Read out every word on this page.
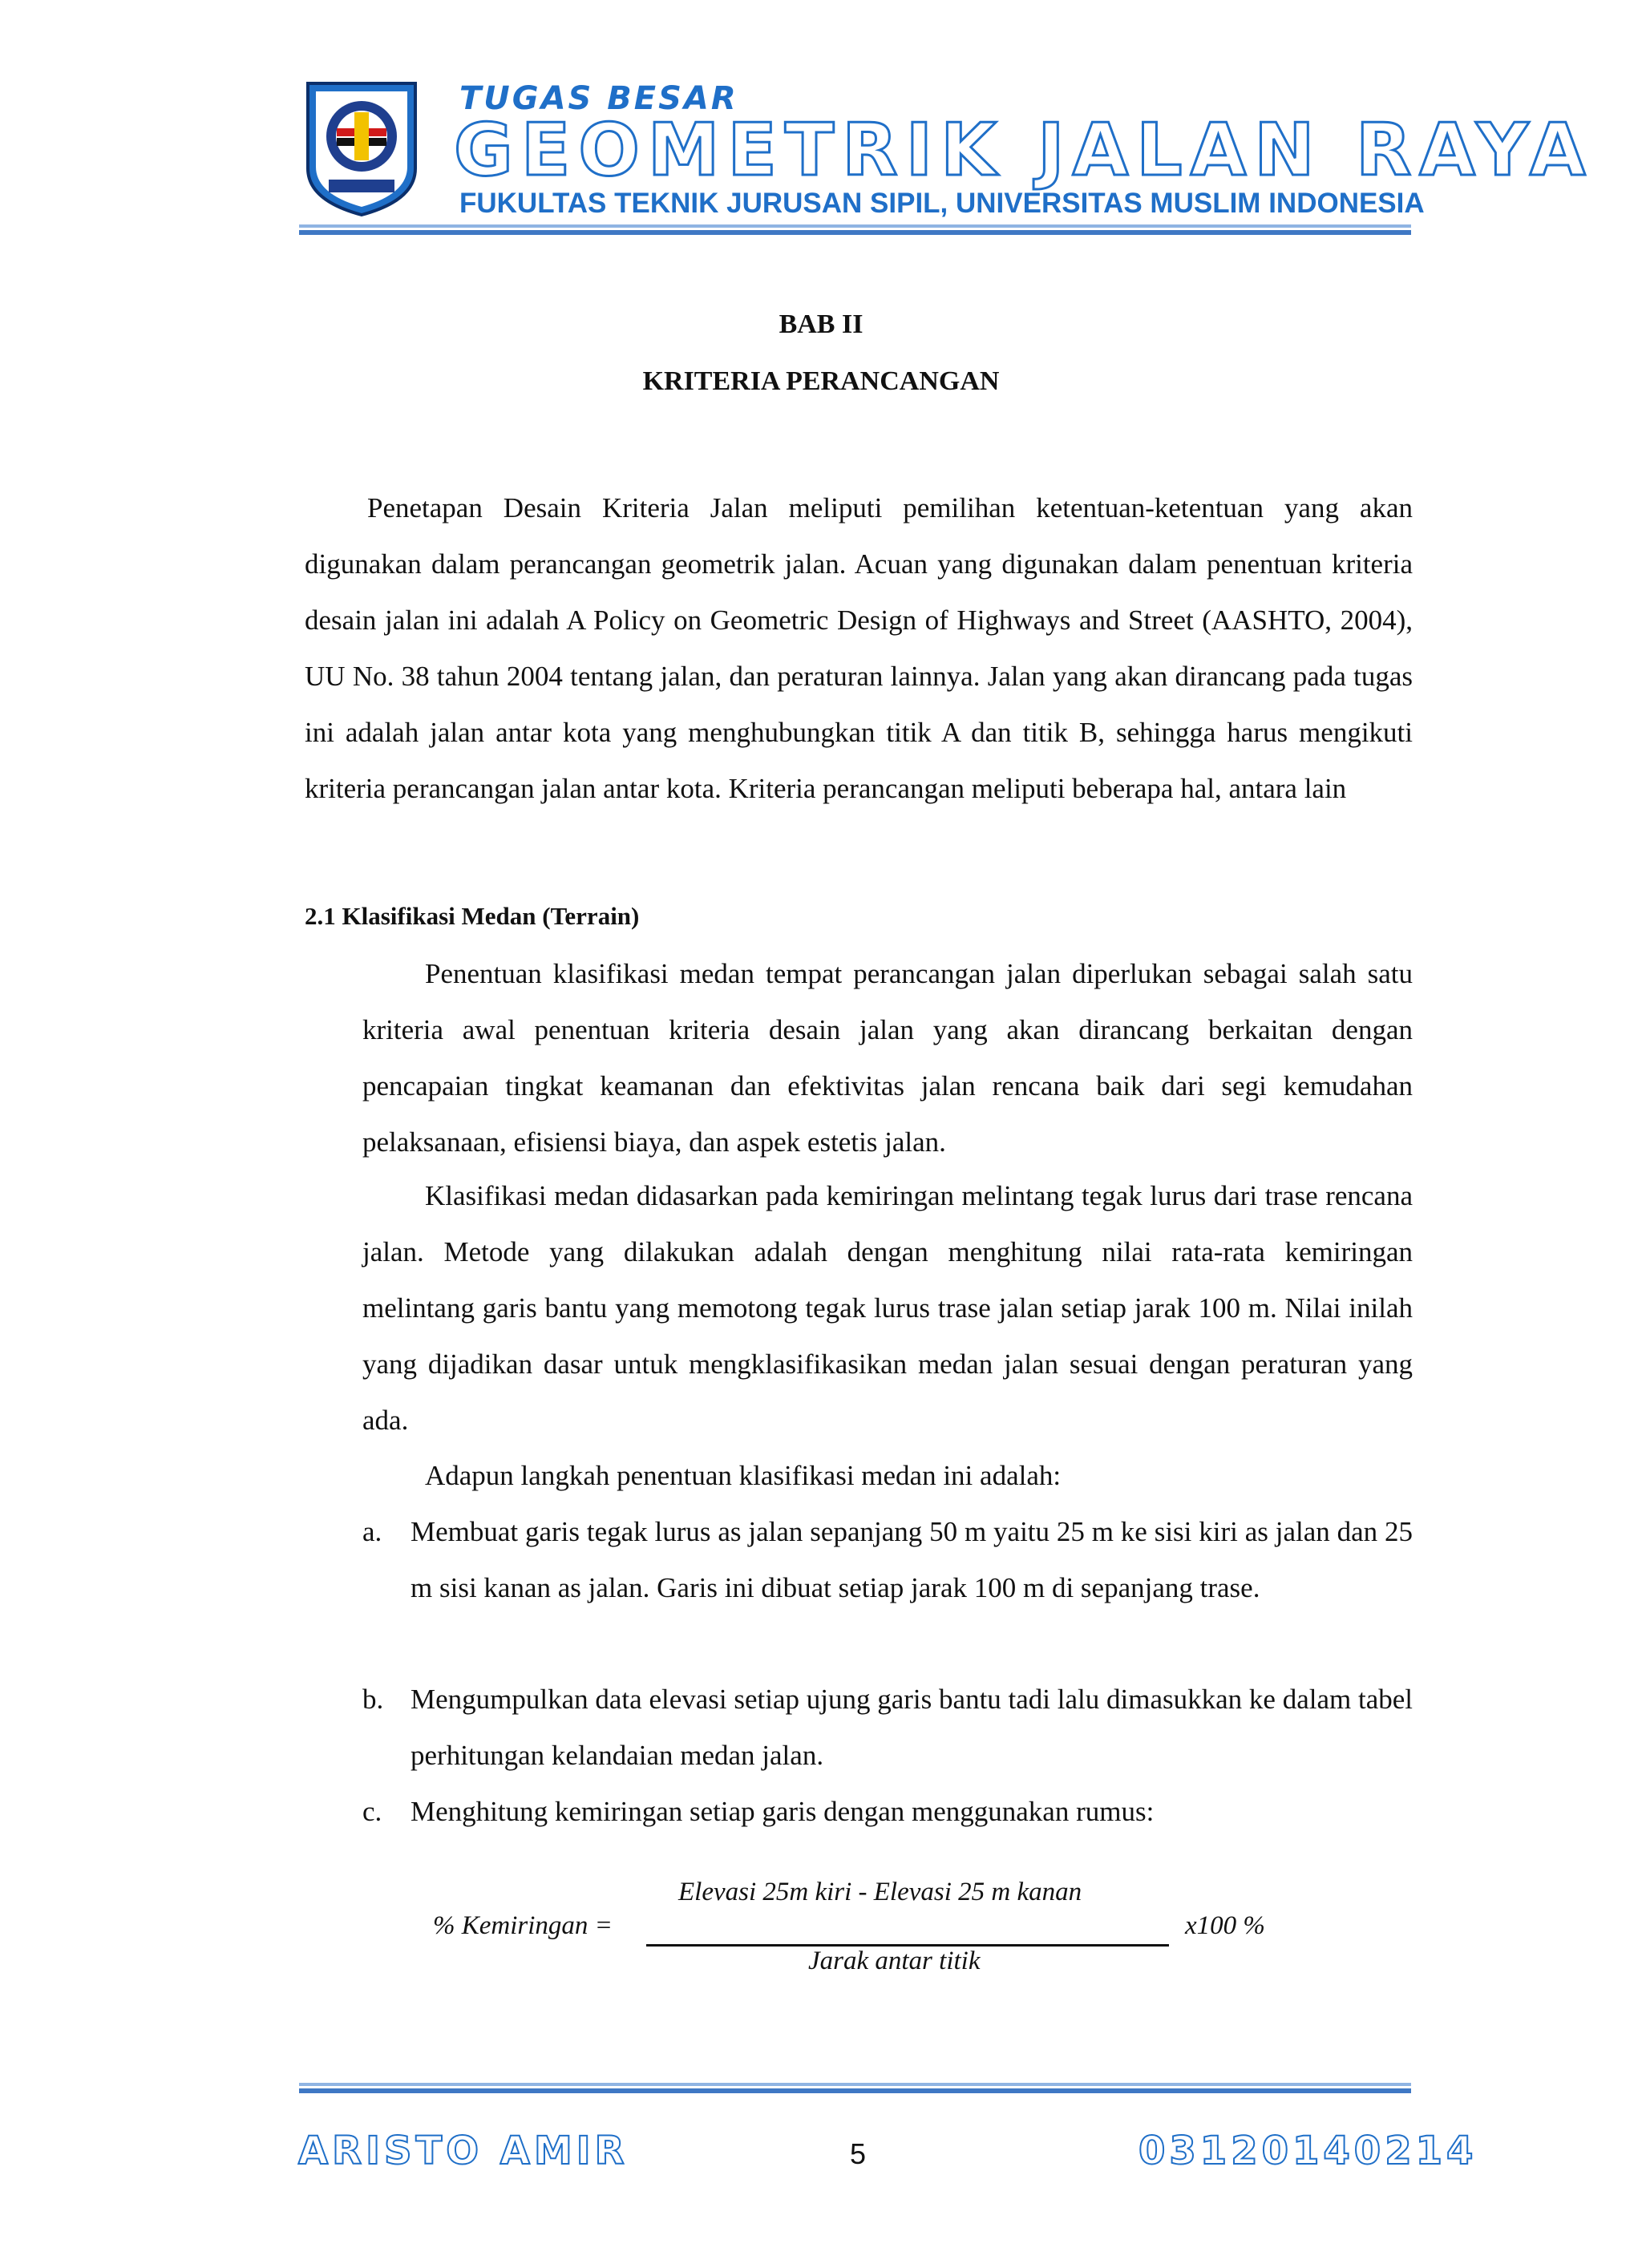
TUGAS BESAR
GEOMETRIK JALAN RAYA
FUKULTAS TEKNIK JURUSAN SIPIL, UNIVERSITAS MUSLIM INDONESIA
BAB II
KRITERIA PERANCANGAN
Penetapan Desain Kriteria Jalan meliputi pemilihan ketentuan-ketentuan yang akan digunakan dalam perancangan geometrik jalan. Acuan yang digunakan dalam penentuan kriteria desain jalan ini adalah A Policy on Geometric Design of Highways and Street (AASHTO, 2004), UU No. 38 tahun 2004 tentang jalan, dan peraturan lainnya. Jalan yang akan dirancang pada tugas ini adalah jalan antar kota yang menghubungkan titik A dan titik B, sehingga harus mengikuti kriteria perancangan jalan antar kota. Kriteria perancangan meliputi beberapa hal, antara lain
2.1 Klasifikasi Medan (Terrain)
Penentuan klasifikasi medan tempat perancangan jalan diperlukan sebagai salah satu kriteria awal penentuan kriteria desain jalan yang akan dirancang berkaitan dengan pencapaian tingkat keamanan dan efektivitas jalan rencana baik dari segi kemudahan pelaksanaan, efisiensi biaya, dan aspek estetis jalan.
Klasifikasi medan didasarkan pada kemiringan melintang tegak lurus dari trase rencana jalan. Metode yang dilakukan adalah dengan menghitung nilai rata-rata kemiringan melintang garis bantu yang memotong tegak lurus trase jalan setiap jarak 100 m. Nilai inilah yang dijadikan dasar untuk mengklasifikasikan medan jalan sesuai dengan peraturan yang ada.
Adapun langkah penentuan klasifikasi medan ini adalah:
a. Membuat garis tegak lurus as jalan sepanjang 50 m yaitu 25 m ke sisi kiri as jalan dan 25 m sisi kanan as jalan. Garis ini dibuat setiap jarak 100 m di sepanjang trase.
b. Mengumpulkan data elevasi setiap ujung garis bantu tadi lalu dimasukkan ke dalam tabel perhitungan kelandaian medan jalan.
c. Menghitung kemiringan setiap garis dengan menggunakan rumus:
Elevasi 25m kiri - Elevasi 25 m kanan
% Kemiringan =	x100 %
Jarak antar titik
ARISTO AMIR	5	03120140214
